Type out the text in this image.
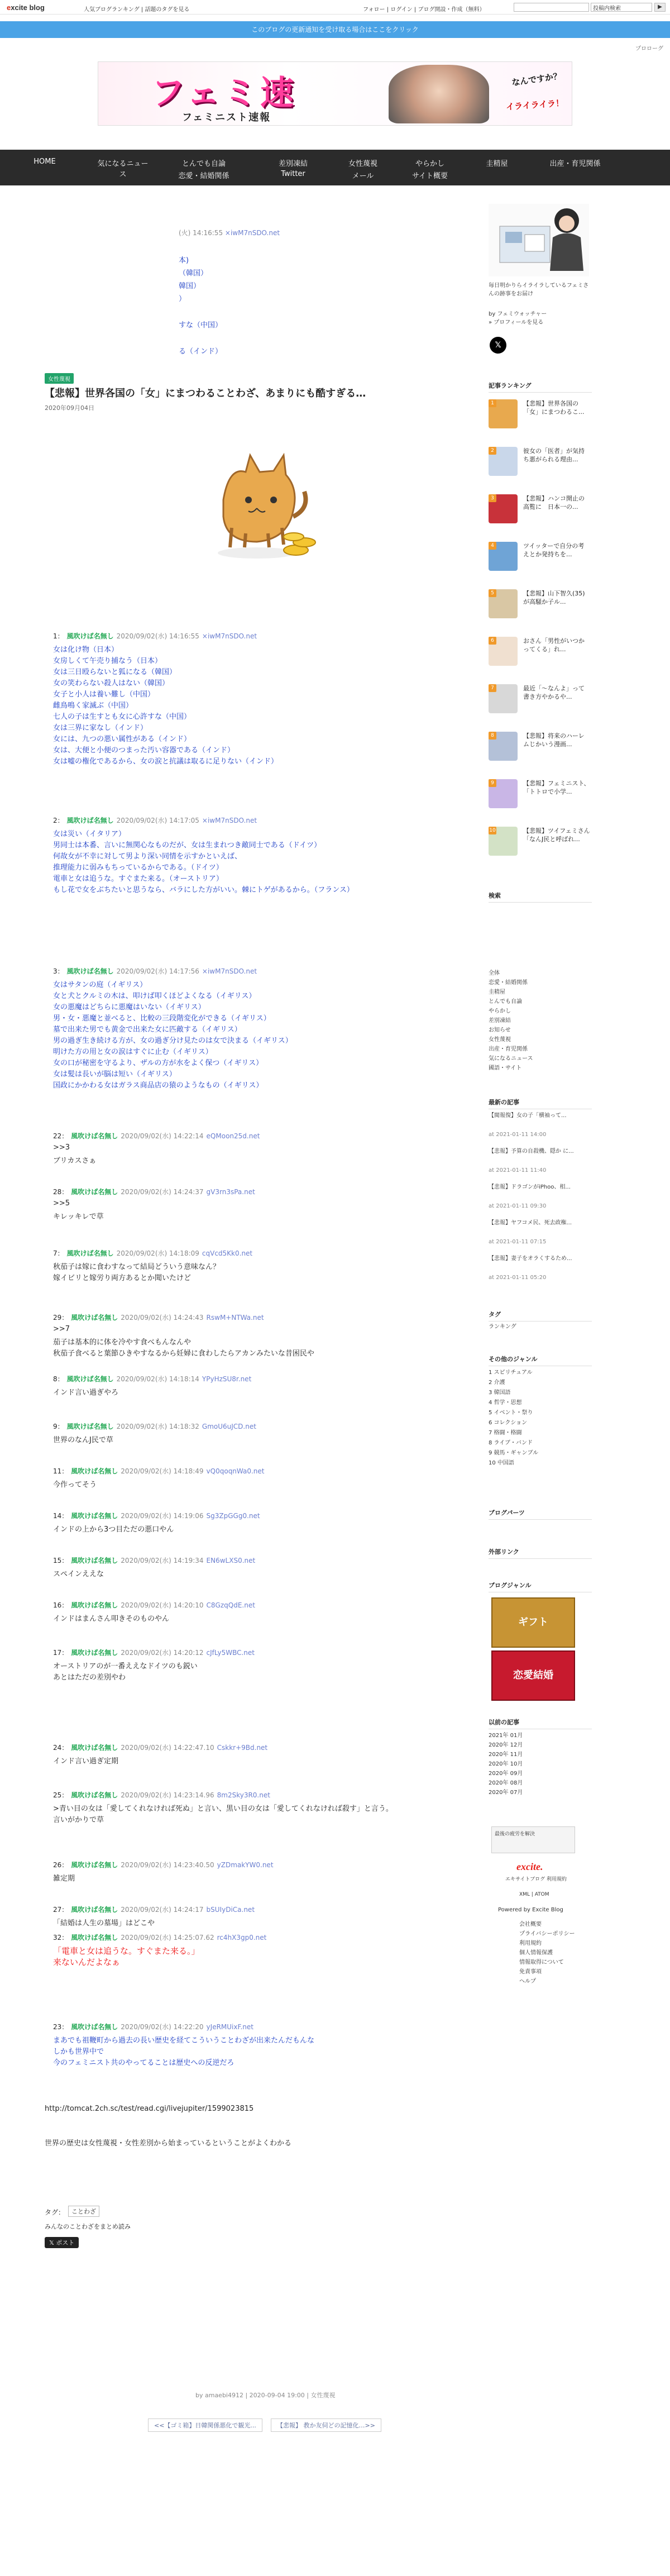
excite blog	人気ブログランキング | 話題のタグを見る	フォロー | ログイン | ブログ開設・作成（無料）	投稿内検索	▶
このブログの更新通知を受け取る場合はここをクリック
プロローグ
フェミ速
フェミニスト速報
なんですか？
イライライラ！
HOME	気になるニュース
とんでも自論	差別凍結	女性蔑視	やらかし	圭精屋	出産・育児関係
恋愛・結婚関係	Twitter	メール	サイト概要
(火) 14:16:55 ×iwM7nSDO.net
本)
（韓国）
韓国）
）
すな（中国）
る（インド）
女性蔑視
【悲報】世界各国の「女」にまつわることわざ、あまりにも酷すぎる…
2020年09月04日
1： 風吹けば名無し 2020/09/02(水) 14:16:55 ×iwM7nSDO.net
女は化け物（日本）
女房しくて午売り捕なう（日本）
女は三日殴らないと狐になる（韓国）
女の笑わらない殺人はない（韓国）
女子と小人は養い難し（中国）
雌鳥鳴く家滅ぶ（中国）
七人の子は生すとも女に心許すな（中国）
女は三界に家なし（インド）
女には、九つの悪い属性がある（インド）
女は、大便と小便のつまった汚い容器である（インド）
女は嘘の権化であるから、女の涙と抗議は取るに足りない（インド）
2： 風吹けば名無し 2020/09/02(水) 14:17:05 ×iwM7nSDO.net
女は災い（イタリア）
男同士は本番、言いに無関心なものだが、女は生まれつき敵同士である（ドイツ）
何故女が不幸に対して男より深い同情を示すかといえば、
推理能力に弱みもちっているからである。（ドイツ）
電車と女は追うな。すぐまた来る。（オーストリア）
もし花で女をぶちたいと思うなら、バラにした方がいい。棘にトゲがあるから。（フランス）
3： 風吹けば名無し 2020/09/02(水) 14:17:56 ×iwM7nSDO.net
女はサタンの庭（イギリス）
女と犬とクルミの木は、叩けば叩くほどよくなる（イギリス）
女の悪魔はどちらに悪魔はいない（イギリス）
男・女・悪魔と並べると、比較の三段階変化ができる（イギリス）
墓で出来た男でも黄金で出来た女に匹敵する（イギリス）
男の過ぎ生き続ける方が、女の過ぎ分け見たのは女で決まる（イギリス）
明けた方の用と女の涙はすぐに止む（イギリス）
女の口が秘密を守るより、ザルの方が水をよく保つ（イギリス）
女は髪は長いが脳は短い（イギリス）
国政にかかわる女はガラス商品店の猿のようなもの（イギリス）
22： 風吹けば名無し 2020/09/02(水) 14:22:14 eQMoon25d.net
>>3
ブリカスさぁ
28： 風吹けば名無し 2020/09/02(水) 14:24:37 gV3rn3sPa.net
>>5
キレッキレで草
7： 風吹けば名無し 2020/09/02(水) 14:18:09 cqVcd5Kk0.net
秋茄子は嫁に食わすなって結局どういう意味なん？
嫁イビリと嫁労り両方あるとか聞いたけど
29： 風吹けば名無し 2020/09/02(水) 14:24:43 RswM+NTWa.net
>>7
茄子は基本的に体を冷やす食べもんなんや
秋茄子食べると葉節ひきやすなるから妊婦に食わしたらアカンみたいな昔困民や
8： 風吹けば名無し 2020/09/02(水) 14:18:14 YPyHzSU8r.net
インド言い過ぎやろ
9： 風吹けば名無し 2020/09/02(水) 14:18:32 GmoU6uJCD.net
世界のなんJ民で草
11： 風吹けば名無し 2020/09/02(水) 14:18:49 vQ0qoqnWa0.net
今作ってそう
14： 風吹けば名無し 2020/09/02(水) 14:19:06 Sg3ZpGGg0.net
インドの上から3つ目ただの悪口やん
15： 風吹けば名無し 2020/09/02(水) 14:19:34 EN6wLXS0.net
スペインええな
16： 風吹けば名無し 2020/09/02(水) 14:20:10 C8GzqQdE.net
インドはまんさん叩きそのものやん
17： 風吹けば名無し 2020/09/02(水) 14:20:12 cJfLy5WBC.net
オーストリアのが一番ええなドイツのも鋭い
あとはただの差別やわ
24： 風吹けば名無し 2020/09/02(水) 14:22:47.10 Cskkr+9Bd.net
インド言い過ぎ定期
25： 風吹けば名無し 2020/09/02(水) 14:23:14.96 8m2Sky3R0.net
>青い目の女は「愛してくれなければ死ぬ」と言い、黒い目の女は「愛してくれなければ殺す」と言う。
言いがかりで草
26： 風吹けば名無し 2020/09/02(水) 14:23:40.50 yZDmakYW0.net
雑定期
27： 風吹けば名無し 2020/09/02(水) 14:24:17 bSUIyDiCa.net
「結婚は人生の墓場」はどこや
32： 風吹けば名無し 2020/09/02(水) 14:25:07.62 rc4hX3gp0.net
「電車と女は追うな。すぐまた来る。」
来ないんだよなぁ
23： 風吹けば名無し 2020/09/02(水) 14:22:20 yJeRMUixF.net
まあでも祖鞭町から過去の長い歴史を経てこういうことわざが出来たんだもんな
しかも世界中で
今のフェミニスト共のやってることは歴史への反逆だろ
http://tomcat.2ch.sc/test/read.cgi/livejupiter/1599023815
世界の歴史は女性蔑視・女性差別から始まっているということがよくわかる
タグ：	ことわざ
みんなのことわざをまとめ読み
𝕏 ポスト
by amaebi4912 | 2020-09-04 19:00 | 女性蔑視
<<【ゴミ箱】日韓関係悪化で観光...	【悲報】 教か友伺どの記憶化…>>
毎日明かりらイライラしているフェミさんの跡事をお届け
by フェミウォッチャー
» プロフィールを見る
𝕏
記事ランキング
1	【悲報】世界各国の「女」にまつわるこ...
2	彼女の「医者」が気持ち悪がられる理由...
3	【悲報】ハンコ開止の高覧に　日本一の...
4	ツイッターで自分の考えとか発持ちを...
5	【悲報】山下智久(35)が高騒か子ル...
6	おさん「男性がいつかってくる」れ...
7	最近「〜なんよ」って書き方やかるや...
8	【悲報】将来のハーレムじかいう漫画...
9	【悲報】フェミニスト、「トトロで小学...
10	【悲報】ツイフェミさん　「なんJ民と呼ばれ...
検索
全体
恋愛・結婚関係
圭精屋
とんでも自論
やらかし
差別凍結
お知らせ
女性蔑視
出産・育児関係
気になるニュース
國語・サイト
最新の記事
【閲報復】女の子「横袖って...
at 2021-01-11 14:00
【悲報】予算の自殺機、隠か に...
at 2021-01-11 11:40
【悲報】ドラゴンがiPhoo、相...
at 2021-01-11 09:30
【悲報】ヤフコメ民、死去政権...
at 2021-01-11 07:15
【悲報】妻子をオラくするため...
at 2021-01-11 05:20
タグ
ランキング
その他のジャンル
1 スピリチュアル
2 介護
3 韓国語
4 哲学・思想
5 イベント・祭り
6 コレクション
7 格闘・格闘
8 ライブ・バンド
9 競馬・ギャンブル
10 中国語
ブログパーツ
外部リンク
ブログジャンル
ギフト
恋愛結婚
以前の記事
2021年 01月
2020年 12月
2020年 11月
2020年 10月
2020年 09月
2020年 08月
2020年 07月
最後の疲労を解決
excite.
エキサイトブログ 利用規約
XML | ATOM
Powered by Excite Blog
会社概要
プライバシーポリシー
利用規約
個人情報保護
情報取得について
免責事項
ヘルプ
